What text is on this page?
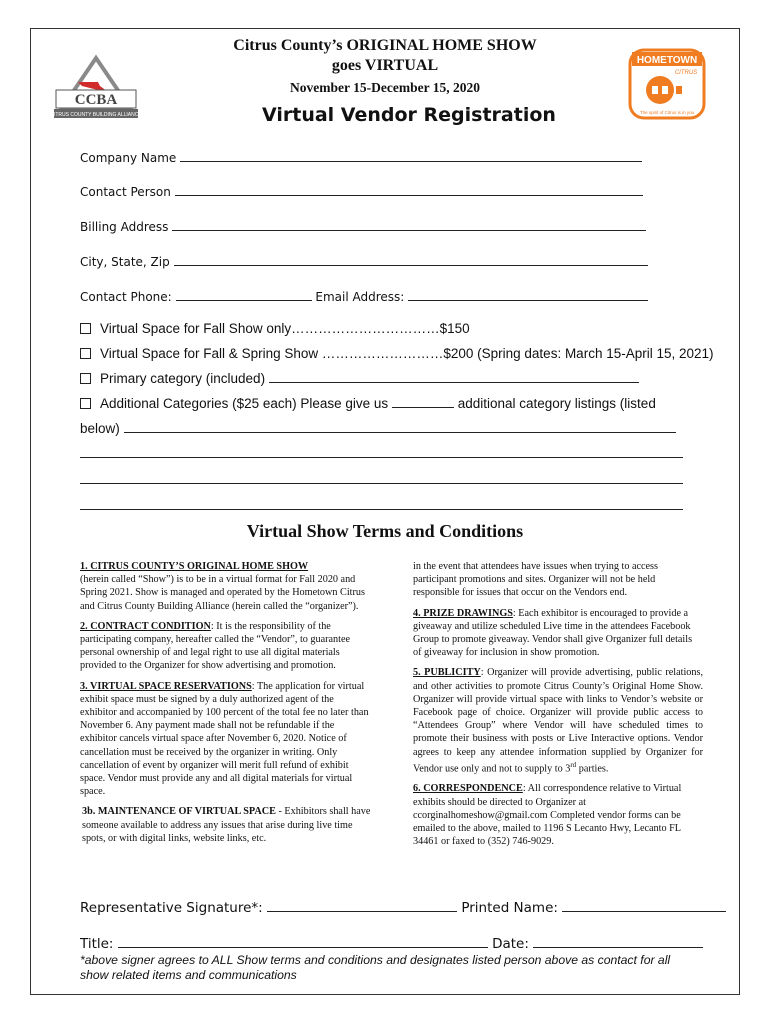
CCBA
CITRUS COUNTY BUILDING ALLIANCE
HOMETOWN
CITRUS
The spirit of Citrus is in you
Citrus County’s ORIGINAL HOME SHOW
goes VIRTUAL
November 15-December 15, 2020
Virtual Vendor Registration
Company Name
Contact Person
Billing Address
City, State, Zip
Contact Phone:	Email Address:
Virtual Space for Fall Show only……………………………$150
Virtual Space for Fall & Spring Show ………………………$200 (Spring dates: March 15-April 15, 2021)
Primary category (included)
Additional Categories ($25 each) Please give us	additional category listings (listed
below)
Virtual Show Terms and Conditions

1. CITRUS COUNTY’S ORIGINAL HOME SHOW
(herein called “Show”) is to be in a virtual format for Fall 2020 and Spring 2021. Show is managed and operated by the Hometown Citrus and Citrus County Building Alliance (herein called the “organizer”).

2. CONTRACT CONDITION: It is the responsibility of the participating company, hereafter called the “Vendor”, to guarantee personal ownership of and legal right to use all digital materials provided to the Organizer for show advertising and promotion.

3. VIRTUAL SPACE RESERVATIONS: The application for virtual exhibit space must be signed by a duly authorized agent of the exhibitor and accompanied by 100 percent of the total fee no later than November 6. Any payment made shall not be refundable if the exhibitor cancels virtual space after November 6, 2020. Notice of cancellation must be received by the organizer in writing. Only cancellation of event by organizer will merit full refund of exhibit space. Vendor must provide any and all digital materials for virtual space.

3b. MAINTENANCE OF VIRTUAL SPACE - Exhibitors shall have someone available to address any issues that arise during live time spots, or with digital links, website links, etc.

in the event that attendees have issues when trying to access participant promotions and sites. Organizer will not be held responsible for issues that occur on the Vendors end.

4. PRIZE DRAWINGS: Each exhibitor is encouraged to provide a giveaway and utilize scheduled Live time in the attendees Facebook Group to promote giveaway. Vendor shall give Organizer full details of giveaway for inclusion in show promotion.

5. PUBLICITY: Organizer will provide advertising, public relations, and other activities to promote Citrus County’s Original Home Show. Organizer will provide virtual space with links to Vendor’s website or Facebook page of choice. Organizer will provide public access to “Attendees Group” where Vendor will have scheduled times to promote their business with posts or Live Interactive options. Vendor agrees to keep any attendee information supplied by Organizer for Vendor use only and not to supply to 3rd parties.

6. CORRESPONDENCE: All correspondence relative to Virtual exhibits should be directed to Organizer at ccorginalhomeshow@gmail.com Completed vendor forms can be emailed to the above, mailed to 1196 S Lecanto Hwy, Lecanto FL 34461 or faxed to (352) 746-9029.

Representative Signature*:	Printed Name:
Title:	Date:
*above signer agrees to ALL Show terms and conditions and designates listed person above as contact for all show related items and communications
